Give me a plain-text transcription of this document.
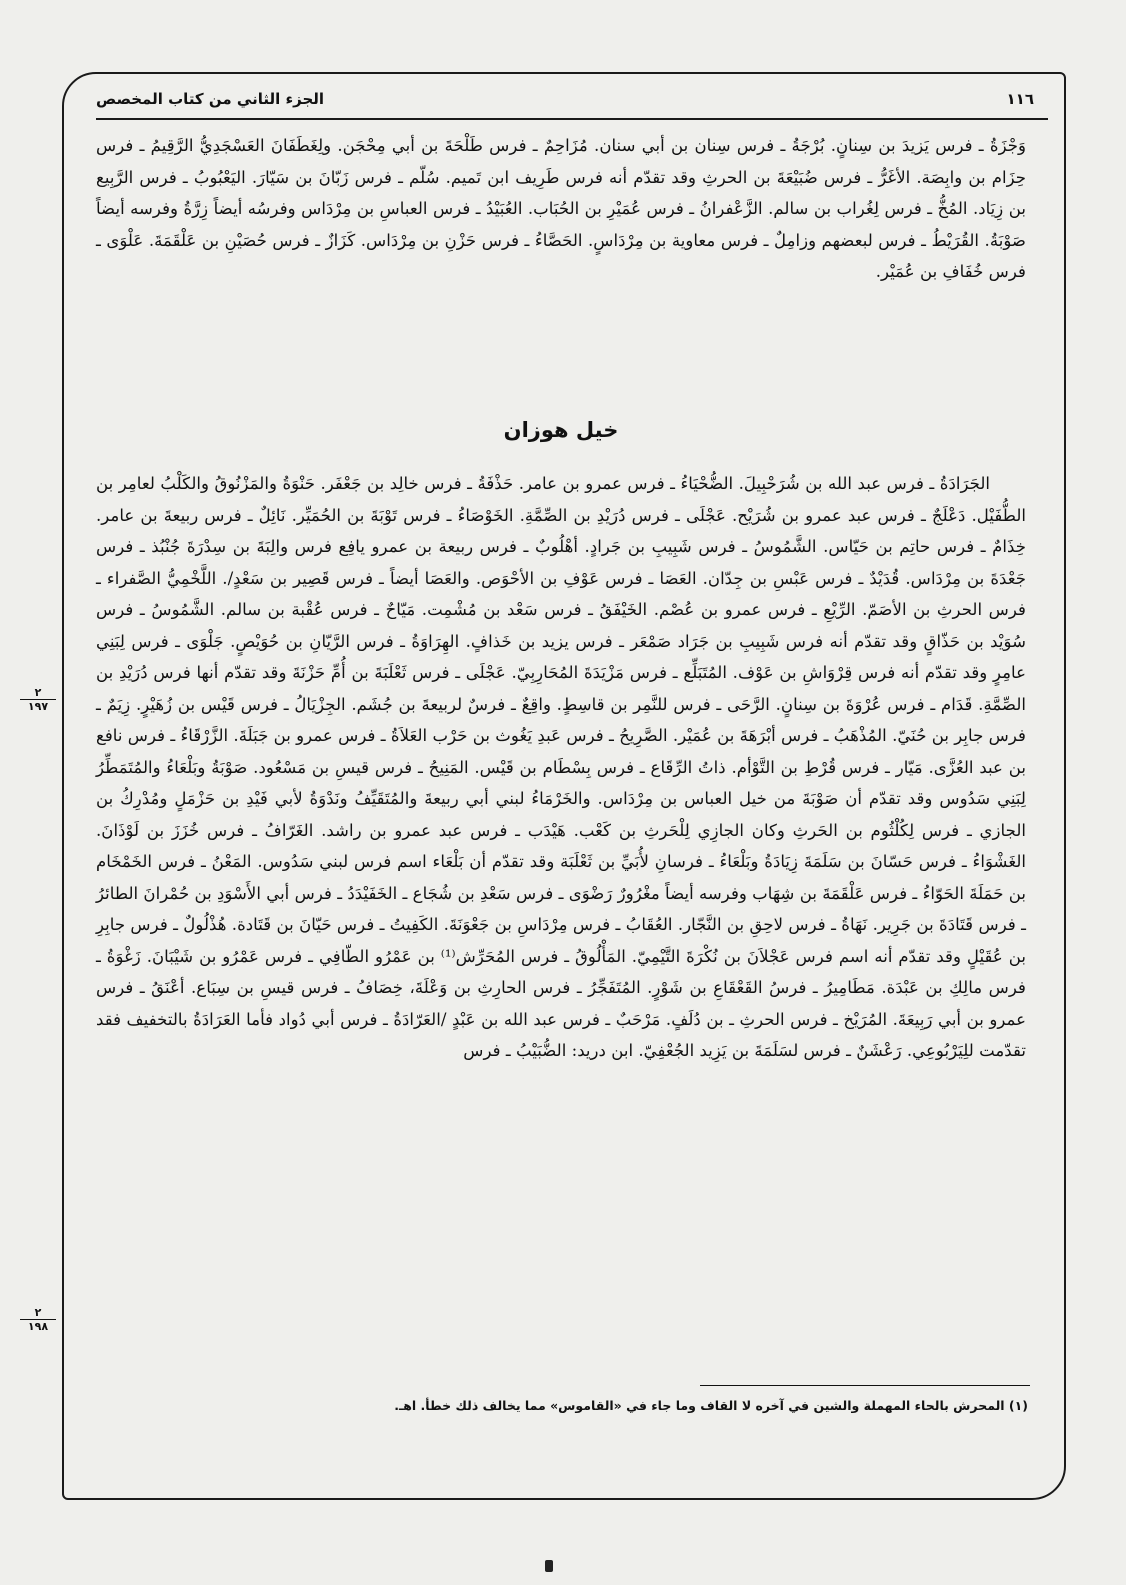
١١٦
الجزء الثاني من كتاب المخصص

وَجْزَةُ ـ فرس يَزيدَ بن سِنانٍ. بُرْجَةُ ـ فرس سِنان بن أبي سنان. مُزَاحِمٌ ـ فرس طَلْحَةَ بن أبي مِحْجَن. ولِغَطَفَانَ العَسْجَدِيُّ الرَّقِيمُ ـ فرس حِزَام بن وابِصَة. الأغَرُّ ـ فرس ضُبَيْعَةَ بن الحرثِ وقد تقدّم أنه فرس طَرِيف ابن تَميم. سُلّم ـ فرس زَبّانَ بن سَيّارَ. اليَعْبُوبُ ـ فرس الرَّبِيع بن زِيَاد. المُخُّ ـ فرس لِغُراب بن سالم. الزَّعْفرانُ ـ فرس عُمَيْرِ بن الحُبَاب. العُبَيْدُ ـ فرس العباسِ بن مِرْدَاس وفرسُه أيضاً زِرَّةُ وفرسه أيضاً صَوْبَةُ. القُرَيْطُ ـ فرس لبعضهم وزامِلٌ ـ فرس معاوية بن مِرْدَاسٍ. الحَصَّاءُ ـ فرس حَزْنِ بن مِرْدَاس. كَزَازٌ ـ فرس حُصَيْنِ بن عَلْقَمَةَ. عَلْوَى ـ فرس خُفَافِ بن عُمَيْر.

خيل هوزان

الجَرَادَةُ ـ فرس عبد الله بن شُرَحْبِيلَ. الضُّحْيَاءُ ـ فرس عمرو بن عامر. حَذْفَةُ ـ فرس خالِد بن جَعْفَر. حَنْوَةُ والمَزْنُوقُ والكَلْبُ لعامِر بن الطُّفَيْل. دَعْلَجٌ ـ فرس عبد عمرو بن شُرَيْح. عَجْلَى ـ فرس دُرَيْدِ بن الصِّمَّةِ. الخَوْصَاءُ ـ فرس تَوْبَةَ بن الحُمَيِّر. نَائِلٌ ـ فرس ربيعةَ بن عامر. خِذَامٌ ـ فرس حاتِم بن حَيّاس. الشَّمُوسُ ـ فرس شَبِيبِ بن جَرادٍ. أهْلُوبٌ ـ فرس ربيعة بن عمرو يافِع فرس والِبَةَ بن سِدْرَةَ جُنْبُذ ـ فرس جَعْدَةَ بن مِرْدَاس. قُدَيْدٌ ـ فرس عَبْسِ بن جِدّان. العَصَا ـ فرس عَوْفِ بن الأحْوَص. والعَصَا أيضاً ـ فرس قَصِير بن سَعْدٍ/. اللَّخْمِيُّ الصَّفراء ـ فرس الحرثِ بن الأصَمّ. الرِّيْعِ ـ فرس عمرو بن عُصْم. الخَيْفَقُ ـ فرس سَعْد بن مُشْمِت. مَيّاحٌ ـ فرس عُقْبة بن سالم. الشَّمُوسُ ـ فرس سُوَيْد بن حَذّاقٍ وقد تقدّم أنه فرس شَبِيبِ بن جَرَاد صَمْعَر ـ فرس يزيد بن خَذافٍ. الهِرَاوَةُ ـ فرس الرَّيّانِ بن حُوَيْصٍ. جَلْوَى ـ فرس لِبَنِي عامِرٍ وقد تقدّم أنه فرس قِرْوَاشِ بن عَوْف. المُتَبَلِّع ـ فرس مَزْيَدَةَ المُحَارِبِيّ. عَجْلَى ـ فرس ثَعْلَبَةَ بن أُمِّ حَزْنَةَ وقد تقدّم أنها فرس دُرَيْدِ بن الصِّمَّةِ. قَدَام ـ فرس عُرْوَةَ بن سِنانٍ. الرَّحَى ـ فرس للنَّمِر بن قاسِطٍ. واقِعٌ ـ فرسٌ لربيعةَ بن جُشَم. الجِزْيَالُ ـ فرس قَيْس بن زُهَيْرٍ. زِيَمٌ ـ فرس جابِر بن حُنَيّ. المُذْهَبُ ـ فرس أبْرَهَةَ بن عُمَيْر. الصَّرِيحُ ـ فرس عَبدِ يَغُوث بن حَرْب العَلاَةُ ـ فرس عمرو بن جَبَلَةَ. الزَّرْقَاءُ ـ فرس نافع بن عبد العُزَّى. مَيّار ـ فرس قُرْطِ بن التَّوْأم. ذاتُ الرِّقَاع ـ فرس بِسْطَام بن قَيْس. المَنِيحُ ـ فرس قيسِ بن مَسْعُود. صَوْبَةُ وبَلْعَاءُ والمُتَمَطِّرُ لِبَنِي سَدُوس وقد تقدّم أن صَوْبَةَ من خيل العباس بن مِرْدَاس. والخَرْمَاءُ لبني أبي ربيعةَ والمُتَقَيِّفُ ونَدْوَةُ لأبي فَيْدِ بن حَزْمَلٍ ومُدْرِكُ بن الجازي ـ فرس لِكُلْثُوم بن الحَرثِ وكان الجازِي لِلْحَرثِ بن كَعْب. هَيْدَب ـ فرس عبد عمرو بن راشد. الغَرّافُ ـ فرس خُزَزَ بن لَوْذَانَ. الغَشْوَاءُ ـ فرس حَسّانَ بن سَلَمَةَ زِيَادَةُ وبَلْعَاءُ ـ فرسانِ لأُبَيِّ بن ثَعْلَبَة وقد تقدّم أن بَلْعَاء اسم فرس لبني سَدُوس. المَعْنُ ـ فرس الخَمْخَام بن حَمَلَةَ الحَوّاءُ ـ فرس عَلْقَمَةَ بن شِهَاب وفرسه أيضاً مغْرُورٌ رَضْوَى ـ فرس سَعْدِ بن شُجَاع ـ الخَفَيْدَدُ ـ فرس أبي الأَسْوَدِ بن حُمْرانَ الطائرُ ـ فرس قَتَادَةَ بن جَرِير. نَهَاةُ ـ فرس لاحِقِ بن النَّجّار. العُقَابُ ـ فرس مِرْدَاسِ بن جَعْوَنَةَ. الكَفِيتُ ـ فرس حَيّانَ بن قَتَادة. هُذْلُولٌ ـ فرس جابِرِ بن عُقَيْلٍ وقد تقدّم أنه اسم فرس عَجْلاَنَ بن نُكْرَةَ التَّيْمِيّ. المَأْلُوقُ ـ فرس المُحَرِّش⁽¹⁾ بن عَمْرُو الطّافِي ـ فرس عَمْرُو بن شَيْبَانَ. زَغْوَةُ ـ فرس مالِكِ بن عَبْدَة. مَطَامِيرُ ـ فرسُ القَعْقَاعِ بن شَوْرٍ. المُتَفَجِّرُ ـ فرس الحارِثِ بن وَعْلَةَ، خِصَافُ ـ فرس قيسِ بن سِبَاع. أعْنَقُ ـ فرس عمرو بن أبي رَبِيعَةَ. المُرَيْخ ـ فرس الحرثِ ـ بن دُلَفٍ. مَرْحَبٌ ـ فرس عبد الله بن عَبْدٍ /العَرّادَةُ ـ فرس أبي دُواد فأما العَرَادَةُ بالتخفيف فقد تقدّمت للِيَرْبُوعِي. رَعْشَنٌ ـ فرس لسَلَمَةَ بن يَزِيد الجُعْفِيّ. ابن دريد: الضُّبَيْبُ ـ فرس

٢
١٩٧
٢
١٩٨
(١) المحرش بالحاء المهملة والشين في آخره لا القاف وما جاء في «القاموس» مما يخالف ذلك خطأ. اهـ.
